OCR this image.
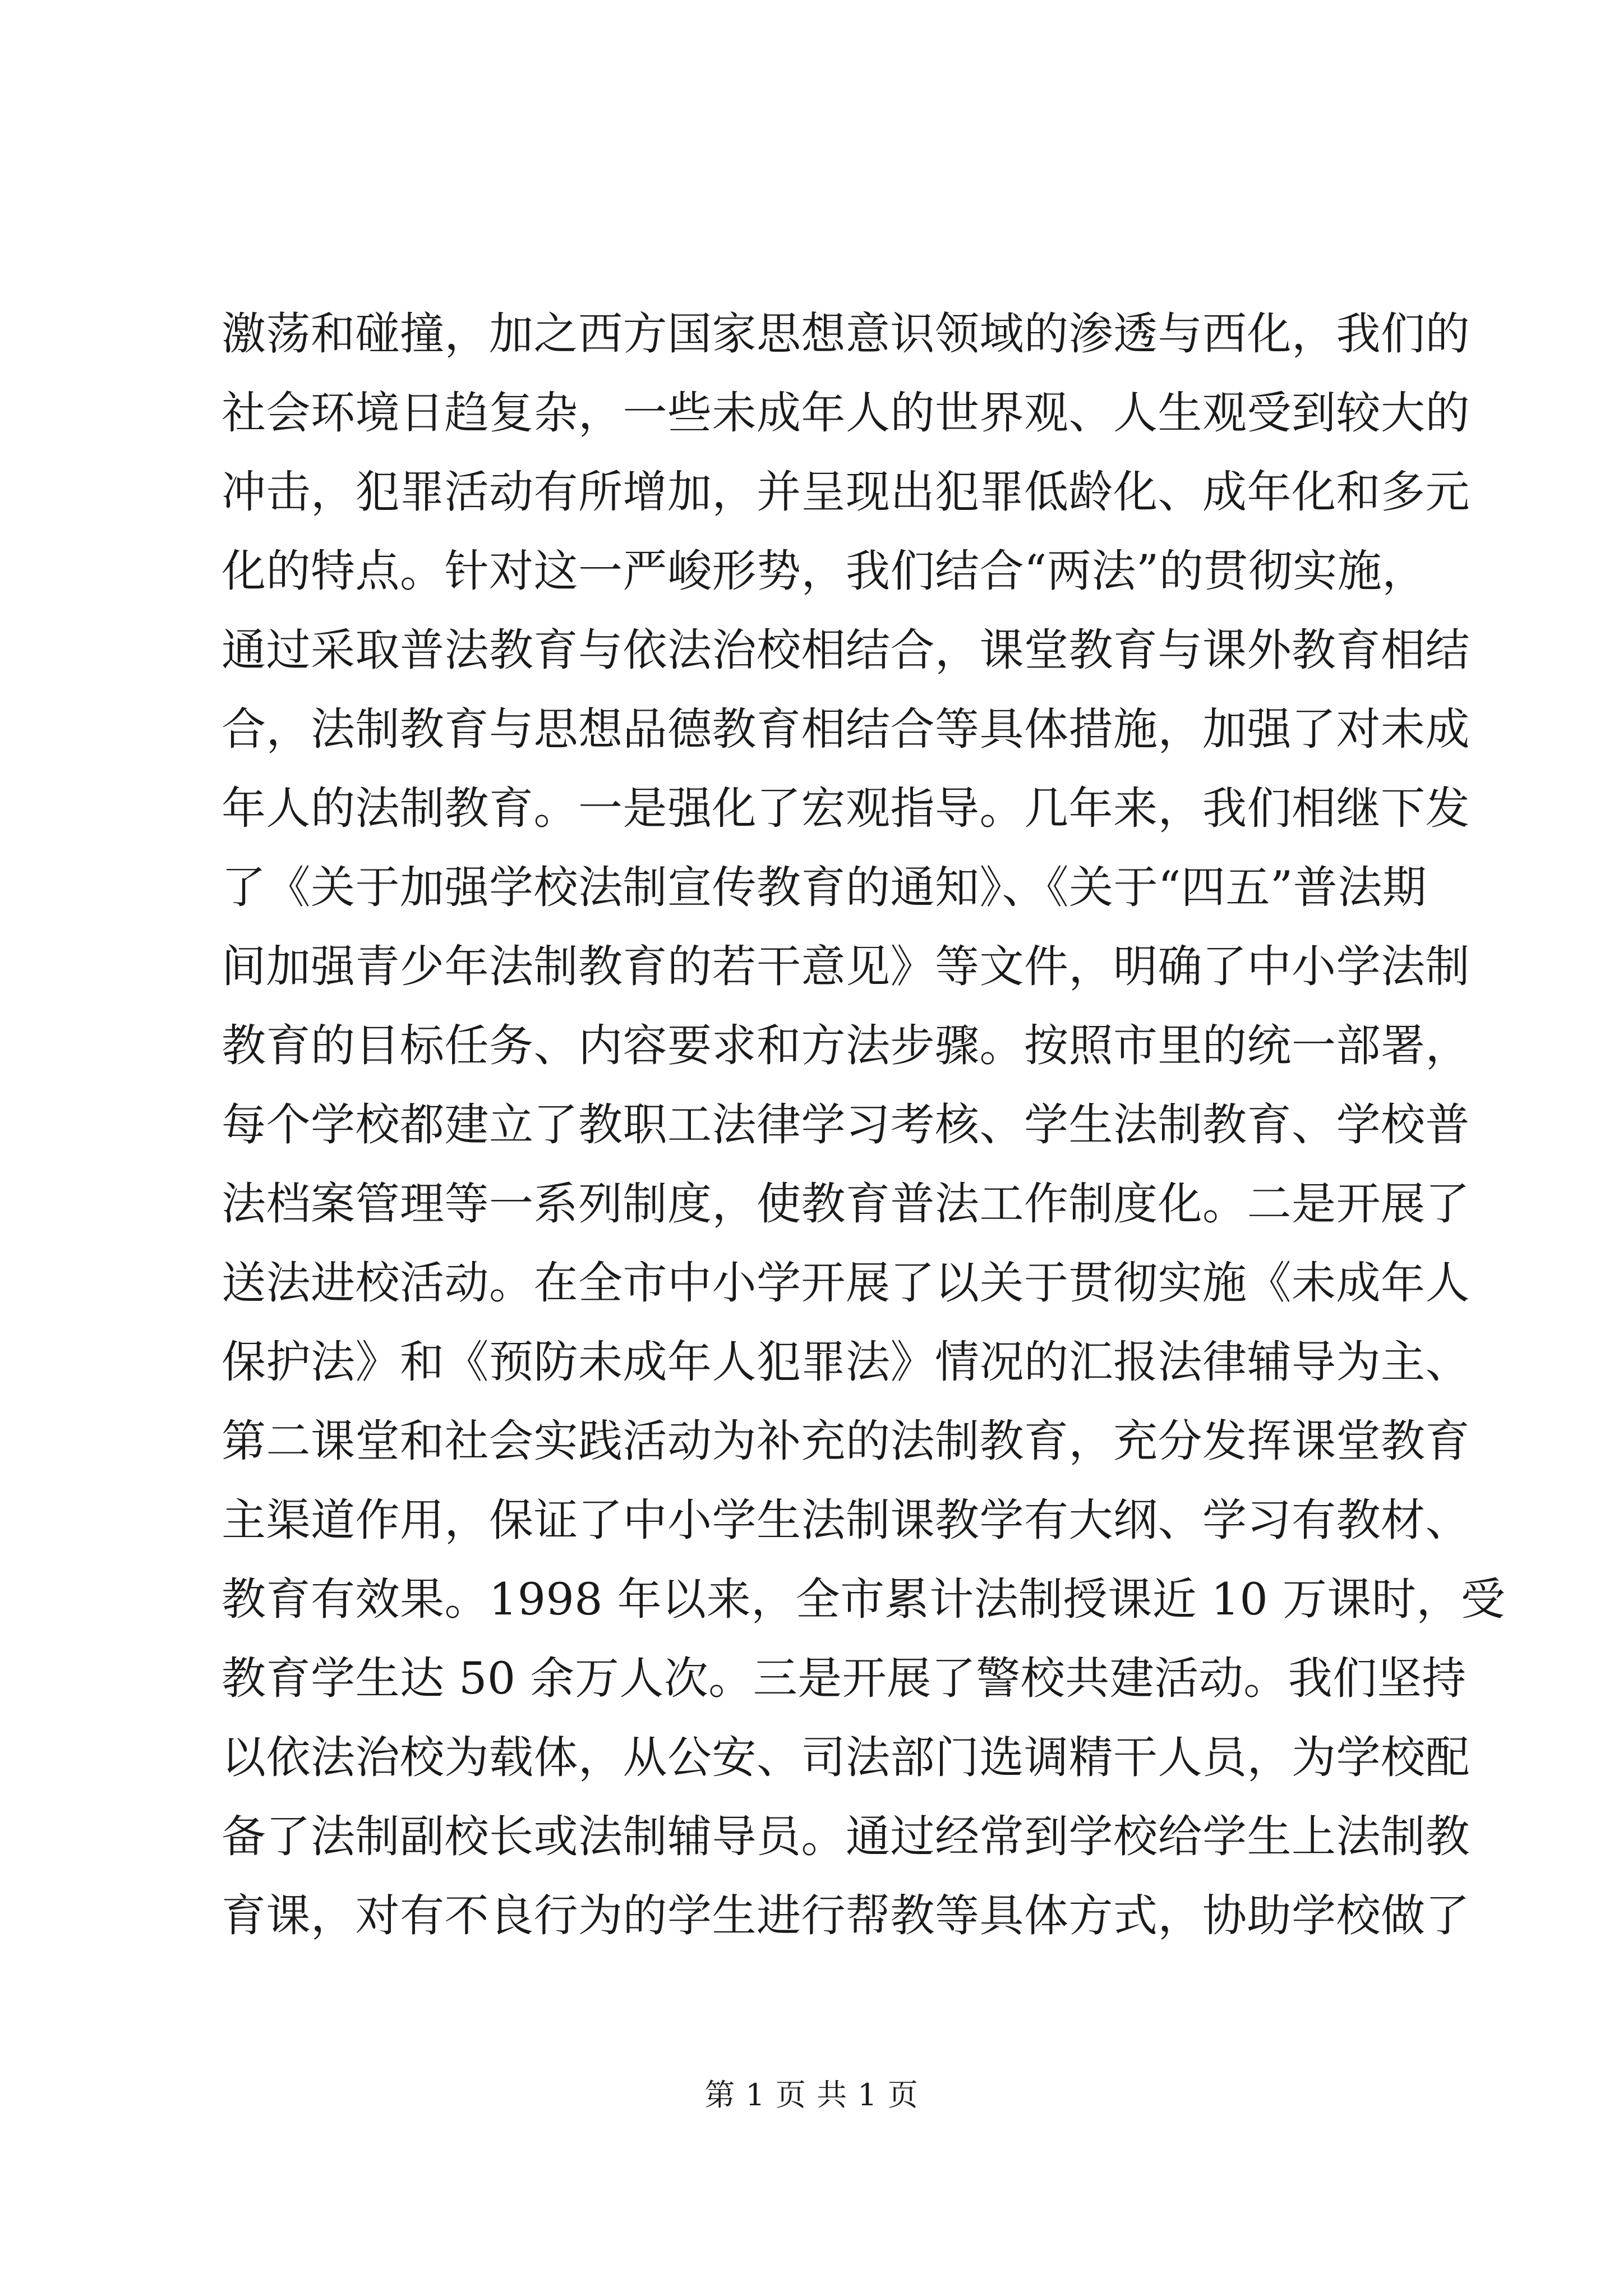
激荡和碰撞，加之西方国家思想意识领域的渗透与西化，我们的
社会环境日趋复杂，一些未成年人的世界观、人生观受到较大的
冲击，犯罪活动有所增加，并呈现出犯罪低龄化、成年化和多元
化的特点。针对这一严峻形势，我们结合“两法”的贯彻实施，
通过采取普法教育与依法治校相结合，课堂教育与课外教育相结
合，法制教育与思想品德教育相结合等具体措施，加强了对未成
年人的法制教育。一是强化了宏观指导。几年来，我们相继下发
了《关于加强学校法制宣传教育的通知》、《关于“四五”普法期
间加强青少年法制教育的若干意见》等文件，明确了中小学法制
教育的目标任务、内容要求和方法步骤。按照市里的统一部署，
每个学校都建立了教职工法律学习考核、学生法制教育、学校普
法档案管理等一系列制度，使教育普法工作制度化。二是开展了
送法进校活动。在全市中小学开展了以关于贯彻实施《未成年人
保护法》和《预防未成年人犯罪法》情况的汇报法律辅导为主、
第二课堂和社会实践活动为补充的法制教育，充分发挥课堂教育
主渠道作用，保证了中小学生法制课教学有大纲、学习有教材、
教育有效果。1998 年以来，全市累计法制授课近 10 万课时，受
教育学生达 50 余万人次。三是开展了警校共建活动。我们坚持
以依法治校为载体，从公安、司法部门选调精干人员，为学校配
备了法制副校长或法制辅导员。通过经常到学校给学生上法制教
育课，对有不良行为的学生进行帮教等具体方式，协助学校做了
第 1 页 共 1 页
